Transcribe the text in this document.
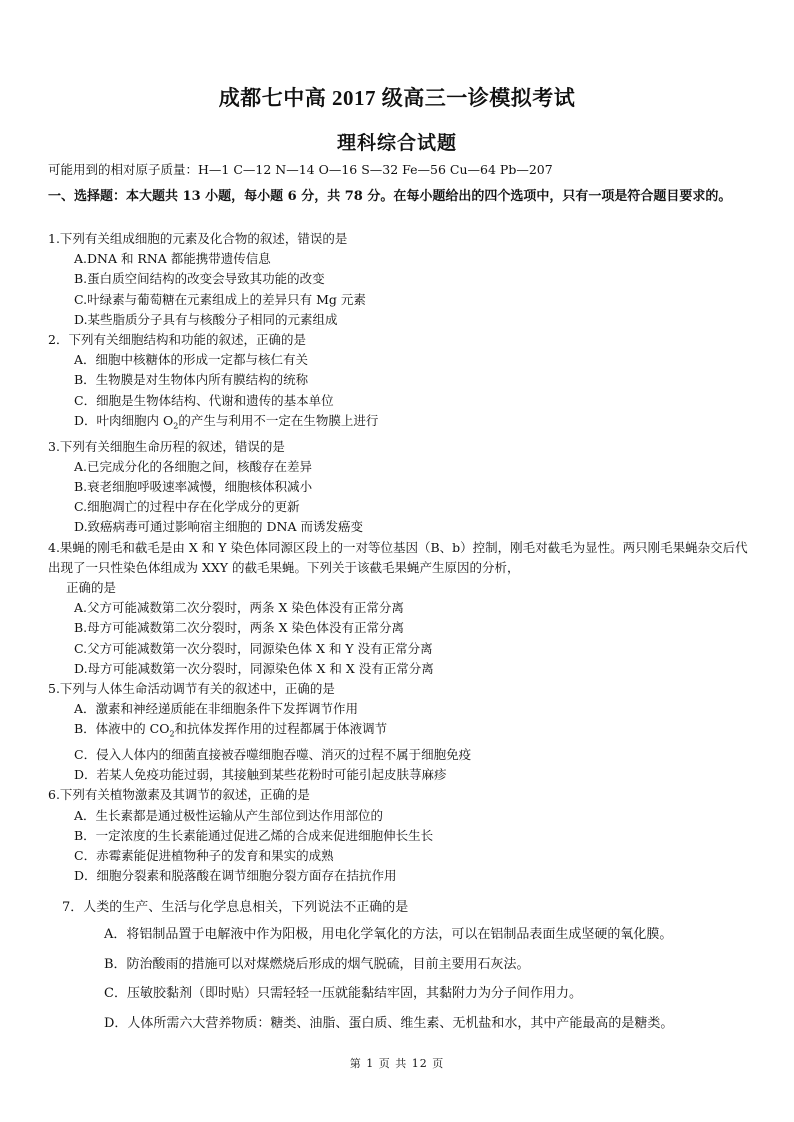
成都七中高 2017 级高三一诊模拟考试
理科综合试题
可能用到的相对原子质量：H—1 C—12 N—14 O—16 S—32 Fe—56 Cu—64 Pb—207
一、选择题：本大题共 13 小题，每小题 6 分，共 78 分。在每小题给出的四个选项中，只有一项是符合题目要求的。
1.下列有关组成细胞的元素及化合物的叙述，错误的是
A.DNA 和 RNA 都能携带遗传信息
B.蛋白质空间结构的改变会导致其功能的改变
C.叶绿素与葡萄糖在元素组成上的差异只有 Mg 元素
D.某些脂质分子具有与核酸分子相同的元素组成
2．下列有关细胞结构和功能的叙述，正确的是
A．细胞中核糖体的形成一定都与核仁有关
B．生物膜是对生物体内所有膜结构的统称
C．细胞是生物体结构、代谢和遗传的基本单位
D．叶肉细胞内 $O_2$的产生与利用不一定在生物膜上进行
3.下列有关细胞生命历程的叙述，错误的是
A.已完成分化的各细胞之间，核酸存在差异
B.衰老细胞呼吸速率减慢，细胞核体积减小
C.细胞凋亡的过程中存在化学成分的更新
D.致癌病毒可通过影响宿主细胞的 DNA 而诱发癌变
4.果蝇的刚毛和截毛是由 X 和 Y 染色体同源区段上的一对等位基因（B、b）控制，刚毛对截毛为显性。两只刚毛果蝇杂交后代出现了一只性染色体组成为 XXY 的截毛果蝇。下列关于该截毛果蝇产生原因的分析，
正确的是
A.父方可能减数第二次分裂时，两条 X 染色体没有正常分离
B.母方可能减数第二次分裂时，两条 X 染色体没有正常分离
C.父方可能减数第一次分裂时，同源染色体 X 和 Y 没有正常分离
D.母方可能减数第一次分裂时，同源染色体 X 和 X 没有正常分离
5.下列与人体生命活动调节有关的叙述中，正确的是
A．激素和神经递质能在非细胞条件下发挥调节作用
B．体液中的 $CO_2$和抗体发挥作用的过程都属于体液调节
C．侵入人体内的细菌直接被吞噬细胞吞噬、消灭的过程不属于细胞免疫
D．若某人免疫功能过弱，其接触到某些花粉时可能引起皮肤荨麻疹
6.下列有关植物激素及其调节的叙述，正确的是
A．生长素都是通过极性运输从产生部位到达作用部位的
B．一定浓度的生长素能通过促进乙烯的合成来促进细胞伸长生长
C．赤霉素能促进植物种子的发育和果实的成熟
D．细胞分裂素和脱落酸在调节细胞分裂方面存在拮抗作用
7．人类的生产、生活与化学息息相关，下列说法不正确的是
A．将铝制品置于电解液中作为阳极，用电化学氧化的方法，可以在铝制品表面生成坚硬的氧化膜。
B．防治酸雨的措施可以对煤燃烧后形成的烟气脱硫，目前主要用石灰法。
C．压敏胶黏剂（即时贴）只需轻轻一压就能黏结牢固，其黏附力为分子间作用力。
D．人体所需六大营养物质：糖类、油脂、蛋白质、维生素、无机盐和水，其中产能最高的是糖类。
第 1 页 共 12 页
